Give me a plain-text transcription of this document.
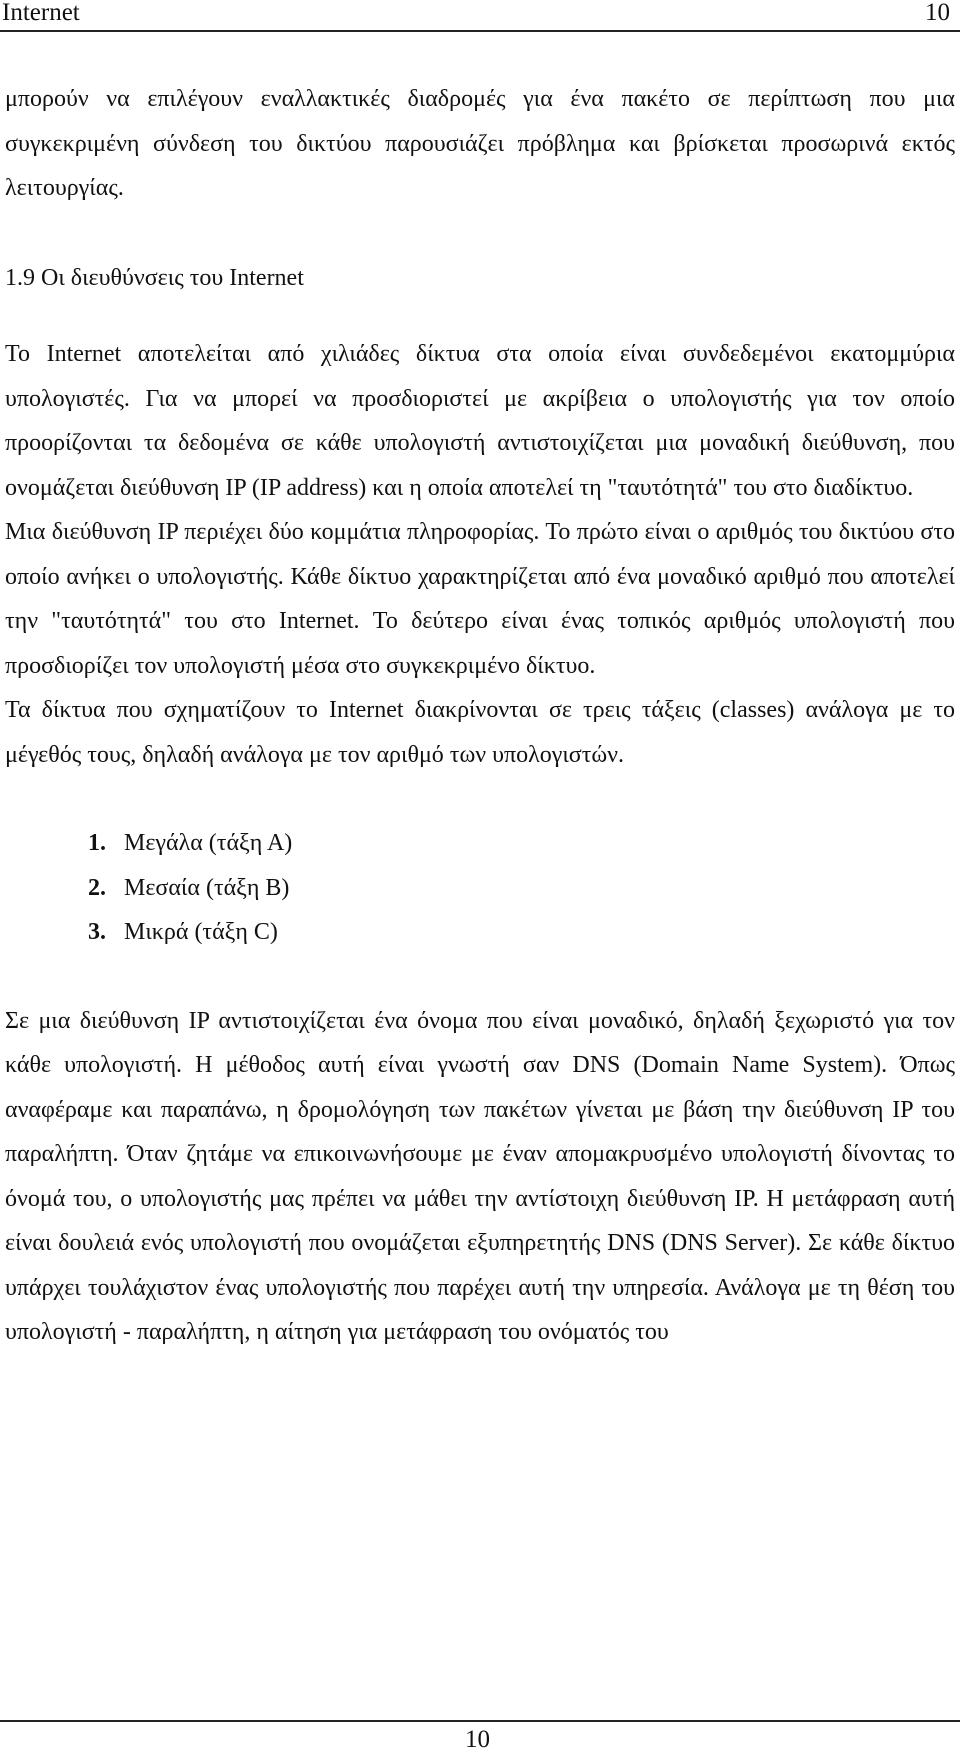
Internet	10

μπορούν να επιλέγουν εναλλακτικές διαδρομές για ένα πακέτο σε περίπτωση που μια συγκεκριμένη σύνδεση του δικτύου παρουσιάζει πρόβλημα και βρίσκεται προσωρινά εκτός λειτουργίας.

1.9 Οι διευθύνσεις του Internet

Το Internet αποτελείται από χιλιάδες δίκτυα στα οποία είναι συνδεδεμένοι εκατομμύρια υπολογιστές. Για να μπορεί να προσδιοριστεί με ακρίβεια ο υπολογιστής για τον οποίο προορίζονται τα δεδομένα σε κάθε υπολογιστή αντιστοιχίζεται μια μοναδική διεύθυνση, που ονομάζεται διεύθυνση IP (IP address) και η οποία αποτελεί τη "ταυτότητά" του στο διαδίκτυο.

Μια διεύθυνση IP περιέχει δύο κομμάτια πληροφορίας. Το πρώτο είναι ο αριθμός του δικτύου στο οποίο ανήκει ο υπολογιστής. Κάθε δίκτυο χαρακτηρίζεται από ένα μοναδικό αριθμό που αποτελεί την "ταυτότητά" του στο Internet. Το δεύτερο είναι ένας τοπικός αριθμός υπολογιστή που προσδιορίζει τον υπολογιστή μέσα στο συγκεκριμένο δίκτυο.

Τα δίκτυα που σχηματίζουν το Internet διακρίνονται σε τρεις τάξεις (classes) ανάλογα με το μέγεθός τους, δηλαδή ανάλογα με τον αριθμό των υπολογιστών.

1. Μεγάλα (τάξη Α)
2. Μεσαία (τάξη Β)
3. Μικρά (τάξη C)

Σε μια διεύθυνση IP αντιστοιχίζεται ένα όνομα που είναι μοναδικό, δηλαδή ξεχωριστό για τον κάθε υπολογιστή. Η μέθοδος αυτή είναι γνωστή σαν DNS (Domain Name System). Όπως αναφέραμε και παραπάνω, η δρομολόγηση των πακέτων γίνεται με βάση την διεύθυνση IP του παραλήπτη. Όταν ζητάμε να επικοινωνήσουμε με έναν απομακρυσμένο υπολογιστή δίνοντας το όνομά του, ο υπολογιστής μας πρέπει να μάθει την αντίστοιχη διεύθυνση IP. Η μετάφραση αυτή είναι δουλειά ενός υπολογιστή που ονομάζεται εξυπηρετητής DNS (DNS Server). Σε κάθε δίκτυο υπάρχει τουλάχιστον ένας υπολογιστής που παρέχει αυτή την υπηρεσία. Ανάλογα με τη θέση του υπολογιστή - παραλήπτη, η αίτηση για μετάφραση του ονόματός του

10
